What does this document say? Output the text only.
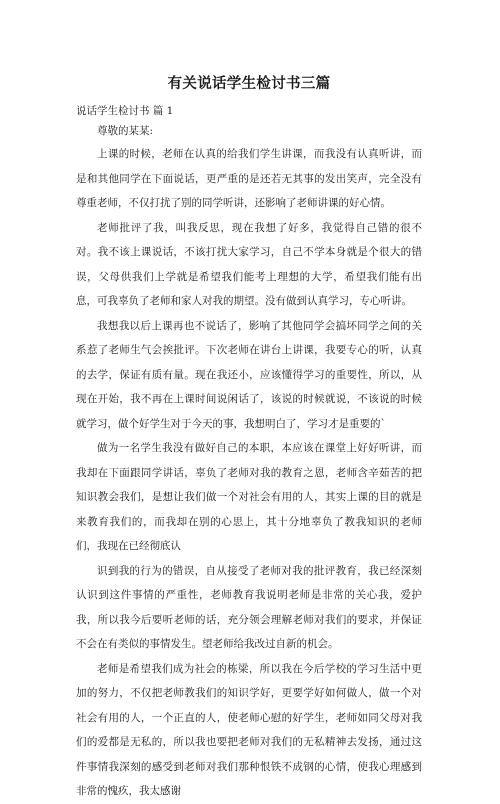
有关说话学生检讨书三篇
说话学生检讨书 篇 1

尊敬的某某:

上课的时候，老师在认真的给我们学生讲课，而我没有认真听讲，而是和其他同学在下面说话，更严重的是还若无其事的发出笑声，完全没有尊重老师，不仅打扰了别的同学听讲，还影响了老师讲课的好心情。

老师批评了我，叫我反思，现在我想了好多，我觉得自己错的很不对。我不该上课说话，不该打扰大家学习，自己不学本身就是个很大的错误，父母供我们上学就是希望我们能考上理想的大学，希望我们能有出息，可我辜负了老师和家人对我的期望。没有做到认真学习，专心听讲。

我想我以后上课再也不说话了，影响了其他同学会搞坏同学之间的关系惹了老师生气会挨批评。下次老师在讲台上讲课，我要专心的听，认真的去学，保证有质有量。现在我还小，应该懂得学习的重要性，所以，从现在开始，我不再在上课时间说闲话了，该说的时候就说，不该说的时候就学习，做个好学生对于今天的事，我想明白了，学习才是重要的`

做为一名学生我没有做好自己的本职，本应该在课堂上好好听讲，而我却在下面跟同学讲话，辜负了老师对我的教育之恩，老师含辛茹苦的把知识教会我们，是想让我们做一个对社会有用的人，其实上课的目的就是来教育我们的，而我却在别的心思上，其十分地辜负了教我知识的老师们，我现在已经彻底认

识到我的行为的错误，自从接受了老师对我的批评教育，我已经深刻认识到这件事情的严重性，老师教育我说明老师是非常的关心我，爱护我，所以我今后要听老师的话，充分领会理解老师对我们的要求，并保证不会在有类似的事情发生。望老师给我改过自新的机会。

老师是希望我们成为社会的栋梁，所以我在今后学校的学习生活中更加的努力，不仅把老师教我们的知识学好，更要学好如何做人，做一个对社会有用的人，一个正直的人，使老师心慰的好学生，老师如同父母对我们的爱都是无私的，所以我也要把老师对我们的无私精神去发扬，通过这件事情我深刻的感受到老师对我们那种恨铁不成钢的心情，使我心理感到非常的愧疚，我太感谢
